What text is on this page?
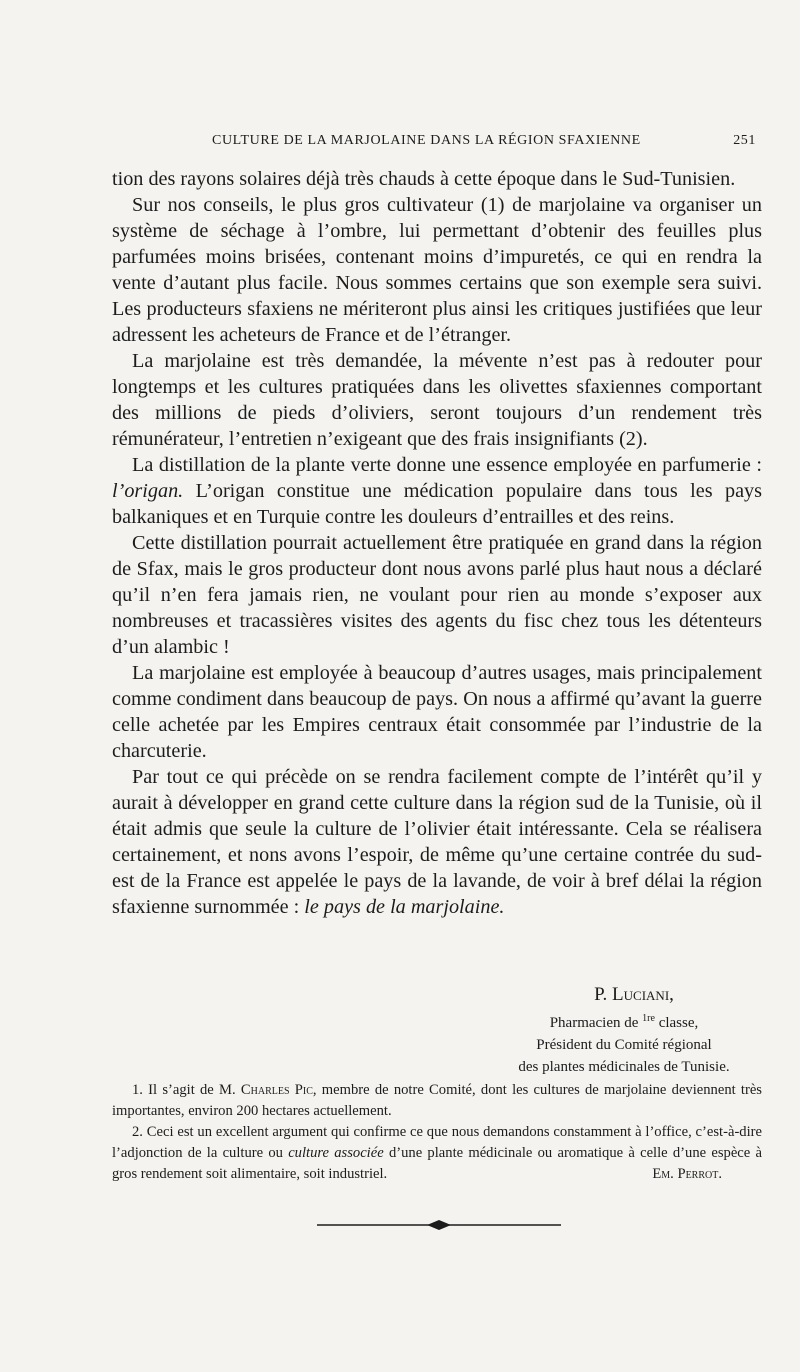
CULTURE DE LA MARJOLAINE DANS LA RÉGION SFAXIENNE	251

tion des rayons solaires déjà très chauds à cette époque dans le Sud-Tunisien.

Sur nos conseils, le plus gros cultivateur (1) de marjolaine va organiser un système de séchage à l’ombre, lui permettant d’obtenir des feuilles plus parfumées moins brisées, contenant moins d’impuretés, ce qui en rendra la vente d’autant plus facile. Nous sommes certains que son exemple sera suivi. Les producteurs sfaxiens ne mériteront plus ainsi les critiques justifiées que leur adressent les acheteurs de France et de l’étranger.

La marjolaine est très demandée, la mévente n’est pas à redouter pour longtemps et les cultures pratiquées dans les olivettes sfaxiennes comportant des millions de pieds d’oliviers, seront toujours d’un rendement très rémunérateur, l’entretien n’exigeant que des frais insignifiants (2).

La distillation de la plante verte donne une essence employée en parfumerie : l’origan. L’origan constitue une médication populaire dans tous les pays balkaniques et en Turquie contre les douleurs d’entrailles et des reins.

Cette distillation pourrait actuellement être pratiquée en grand dans la région de Sfax, mais le gros producteur dont nous avons parlé plus haut nous a déclaré qu’il n’en fera jamais rien, ne voulant pour rien au monde s’exposer aux nombreuses et tracassières visites des agents du fisc chez tous les détenteurs d’un alambic !

La marjolaine est employée à beaucoup d’autres usages, mais principalement comme condiment dans beaucoup de pays. On nous a affirmé qu’avant la guerre celle achetée par les Empires centraux était consommée par l’industrie de la charcuterie.

Par tout ce qui précède on se rendra facilement compte de l’intérêt qu’il y aurait à développer en grand cette culture dans la région sud de la Tunisie, où il était admis que seule la culture de l’olivier était intéressante. Cela se réalisera certainement, et nons avons l’espoir, de même qu’une certaine contrée du sud-est de la France est appelée le pays de la lavande, de voir à bref délai la région sfaxienne surnommée : le pays de la marjolaine.

P. Luciani,
Pharmacien de $^{1re}$ classe,
Président du Comité régional
des plantes médicinales de Tunisie.

1. Il s’agit de M. Charles Pic, membre de notre Comité, dont les cultures de marjolaine deviennent très importantes, environ 200 hectares actuellement.

2. Ceci est un excellent argument qui confirme ce que nous demandons constamment à l’office, c’est-à-dire l’adjonction de la culture ou culture associée d’une plante médicinale ou aromatique à celle d’une espèce à gros rendement soit alimentaire, soit industriel.	Em. Perrot.
